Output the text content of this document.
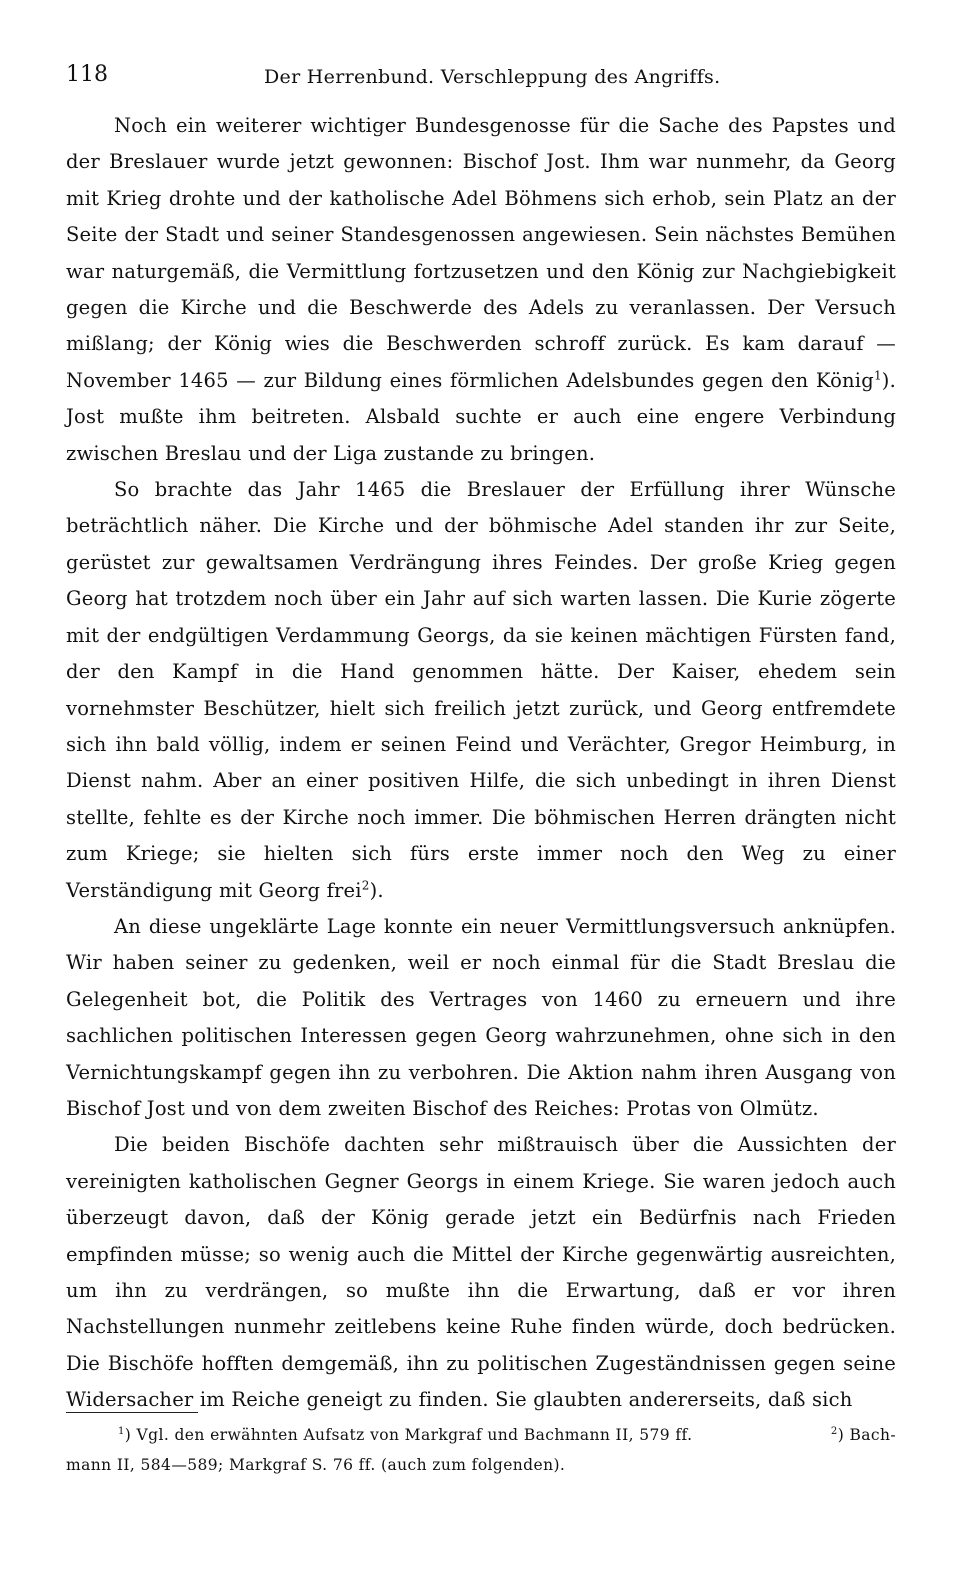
118	Der Herrenbund. Verschleppung des Angriffs.

Noch ein weiterer wichtiger Bundesgenosse für die Sache des Papstes und der Breslauer wurde jetzt gewonnen: Bischof Jost. Ihm war nunmehr, da Georg mit Krieg drohte und der katholische Adel Böhmens sich erhob, sein Platz an der Seite der Stadt und seiner Standesgenossen angewiesen. Sein nächstes Bemühen war naturgemäß, die Vermittlung fortzusetzen und den König zur Nachgiebigkeit gegen die Kirche und die Beschwerde des Adels zu veranlassen. Der Versuch mißlang; der König wies die Beschwerden schroff zurück. Es kam darauf — November 1465 — zur Bildung eines förmlichen Adelsbundes gegen den König$^1$). Jost mußte ihm beitreten. Alsbald suchte er auch eine engere Verbindung zwischen Breslau und der Liga zustande zu bringen.

So brachte das Jahr 1465 die Breslauer der Erfüllung ihrer Wünsche beträchtlich näher. Die Kirche und der böhmische Adel standen ihr zur Seite, gerüstet zur gewaltsamen Verdrängung ihres Feindes. Der große Krieg gegen Georg hat trotzdem noch über ein Jahr auf sich warten lassen. Die Kurie zögerte mit der endgültigen Verdammung Georgs, da sie keinen mächtigen Fürsten fand, der den Kampf in die Hand genommen hätte. Der Kaiser, ehedem sein vornehmster Beschützer, hielt sich freilich jetzt zurück, und Georg entfremdete sich ihn bald völlig, indem er seinen Feind und Verächter, Gregor Heimburg, in Dienst nahm. Aber an einer positiven Hilfe, die sich unbedingt in ihren Dienst stellte, fehlte es der Kirche noch immer. Die böhmischen Herren drängten nicht zum Kriege; sie hielten sich fürs erste immer noch den Weg zu einer Verständigung mit Georg frei$^2$).

An diese ungeklärte Lage konnte ein neuer Vermittlungsversuch anknüpfen. Wir haben seiner zu gedenken, weil er noch einmal für die Stadt Breslau die Gelegenheit bot, die Politik des Vertrages von 1460 zu erneuern und ihre sachlichen politischen Interessen gegen Georg wahrzunehmen, ohne sich in den Vernichtungskampf gegen ihn zu verbohren. Die Aktion nahm ihren Ausgang von Bischof Jost und von dem zweiten Bischof des Reiches: Protas von Olmütz.

Die beiden Bischöfe dachten sehr mißtrauisch über die Aussichten der vereinigten katholischen Gegner Georgs in einem Kriege. Sie waren jedoch auch überzeugt davon, daß der König gerade jetzt ein Bedürfnis nach Frieden empfinden müsse; so wenig auch die Mittel der Kirche gegenwärtig ausreichten, um ihn zu verdrängen, so mußte ihn die Erwartung, daß er vor ihren Nachstellungen nunmehr zeitlebens keine Ruhe finden würde, doch bedrücken. Die Bischöfe hofften demgemäß, ihn zu politischen Zugeständnissen gegen seine Widersacher im Reiche geneigt zu finden. Sie glaubten andererseits, daß sich

$^1$) Vgl. den erwähnten Aufsatz von Markgraf und Bachmann II, 579 ff.	$^2$) Bach-
mann II, 584—589; Markgraf S. 76 ff. (auch zum folgenden).
